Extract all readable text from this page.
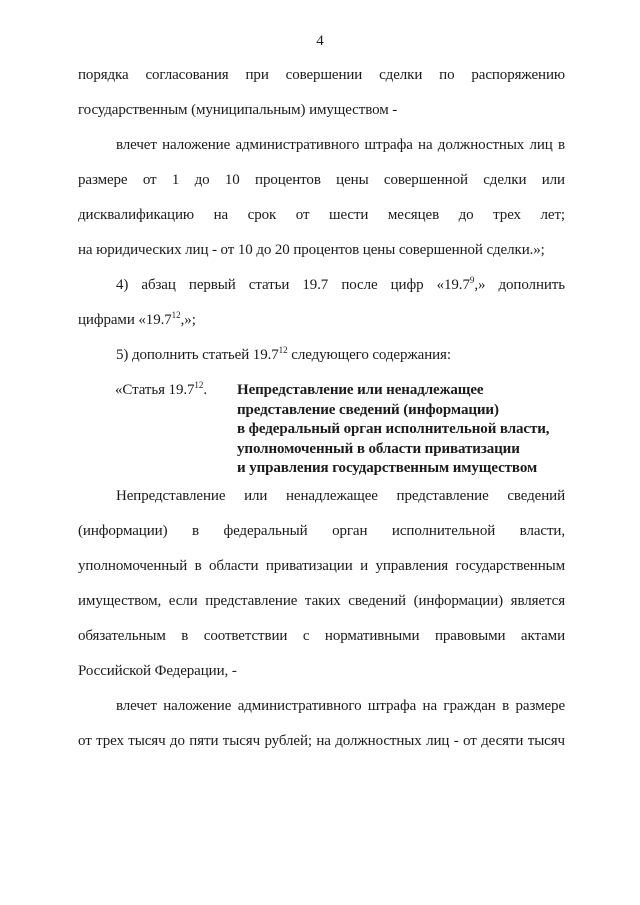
4
порядка согласования при совершении сделки по распоряжению
государственным (муниципальным) имуществом -
влечет наложение административного штрафа на должностных лиц в
размере от 1 до 10 процентов цены совершенной сделки или
дисквалификацию на срок от шести месяцев до трех лет;
на юридических лиц - от 10 до 20 процентов цены совершенной сделки.»;
4) абзац первый статьи 19.7 после цифр «19.7$^9$,» дополнить
цифрами «19.7$^{12}$,»;
5) дополнить статьей 19.7$^{12}$ следующего содержания:
«Статья 19.7$^{12}$.	Непредставление или ненадлежащее
представление сведений (информации)
в федеральный орган исполнительной власти,
уполномоченный в области приватизации
и управления государственным имуществом
Непредставление или ненадлежащее представление сведений
(информации) в федеральный орган исполнительной власти,
уполномоченный в области приватизации и управления государственным
имуществом, если представление таких сведений (информации) является
обязательным в соответствии с нормативными правовыми актами
Российской Федерации, -
влечет наложение административного штрафа на граждан в размере
от трех тысяч до пяти тысяч рублей; на должностных лиц - от десяти тысяч
